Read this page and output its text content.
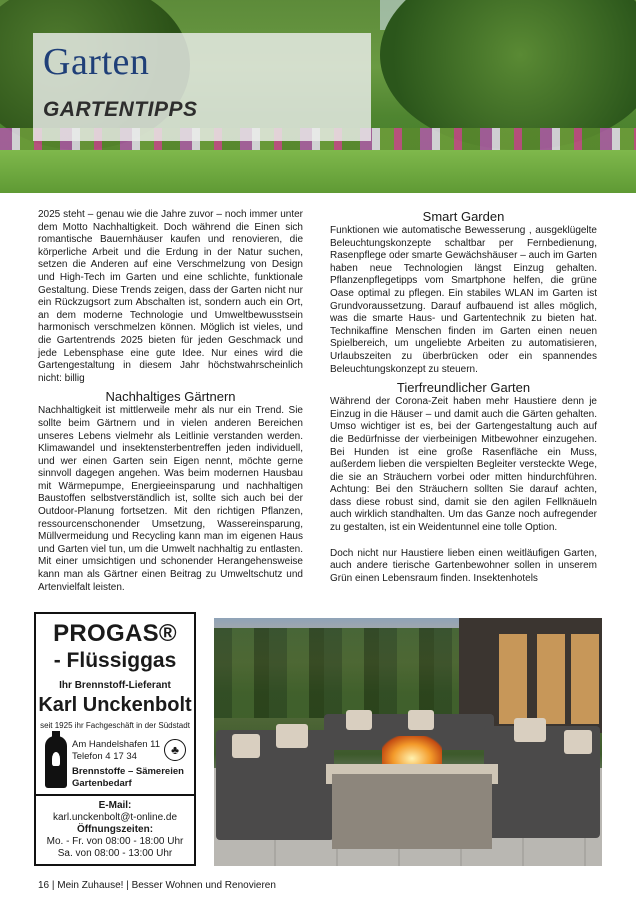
Garten
GARTENTIPPS

2025 steht – genau wie die Jahre zuvor – noch immer unter dem Motto Nachhaltigkeit. Doch während die Einen sich romantische Bauernhäuser kaufen und renovieren, die körperliche Arbeit und die Erdung in der Natur suchen, setzen die Anderen auf eine Verschmelzung von Design und High-Tech im Garten und eine schlichte, funktionale Gestaltung. Diese Trends zeigen, dass der Garten nicht nur ein Rückzugsort zum Abschalten ist, sondern auch ein Ort, an dem moderne Technologie und Umweltbewusstsein harmonisch verschmelzen können. Möglich ist vieles, und die Gartentrends 2025 bieten für jeden Geschmack und jede Lebensphase eine gute Idee. Nur eines wird die Gartengestaltung in diesem Jahr höchstwahrscheinlich nicht: billig

Nachhaltiges Gärtnern

Nachhaltigkeit ist mittlerweile mehr als nur ein Trend. Sie sollte beim Gärtnern und in vielen anderen Bereichen unseres Lebens vielmehr als Leitlinie verstanden werden. Klimawandel und insektensterbentreffen jeden individuell, und wer einen Garten sein Eigen nennt, möchte gerne sinnvoll dagegen angehen. Was beim modernen Hausbau mit Wärmepumpe, Energieeinsparung und nachhaltigen Baustoffen selbstverständlich ist, sollte sich auch bei der Outdoor-Planung fortsetzen. Mit den richtigen Pflanzen, ressourcenschonender Umsetzung, Wassereinsparung, Müllvermeidung und Recycling kann man im eigenen Haus und Garten viel tun, um die Umwelt nachhaltig zu entlasten. Mit einer umsichtigen und schonender Herangehensweise kann man als Gärtner einen Beitrag zu Umweltschutz und Artenvielfalt leisten.

Smart Garden

Funktionen wie automatische Bewesserung , ausgeklügelte Beleuchtungskonzepte schaltbar per Fernbedienung, Rasenpflege oder smarte Gewächshäuser – auch im Garten haben neue Technologien längst Einzug gehalten. Pflanzenpflegetipps vom Smartphone helfen, die grüne Oase optimal zu pflegen. Ein stabiles WLAN im Garten ist Grundvoraussetzung. Darauf aufbauend ist alles möglich, was die smarte Haus- und Gartentechnik zu bieten hat. Technikaffine Menschen finden im Garten einen neuen Spielbereich, um ungeliebte Arbeiten zu automatisieren, Urlaubszeiten zu überbrücken oder ein spannendes Beleuchtungskonzept zu steuern.

Tierfreundlicher Garten

Während der Corona-Zeit haben mehr Haustiere denn je Einzug in die Häuser – und damit auch die Gärten gehalten. Umso wichtiger ist es, bei der Gartengestaltung auch auf die Bedürfnisse der vierbeinigen Mitbewohner einzugehen. Bei Hunden ist eine große Rasenfläche ein Muss, außerdem lieben die verspielten Begleiter versteckte Wege, die sie an Sträuchern vorbei oder mitten hindurchführen. Achtung: Bei den Sträuchern sollten Sie darauf achten, dass diese robust sind, damit sie den agilen Fellknäueln auch wirklich standhalten. Um das Ganze noch aufregender zu gestalten, ist ein Weidentunnel eine tolle Option.

Doch nicht nur Haustiere lieben einen weitläufigen Garten, auch andere tierische Gartenbewohner sollen in unserem Grün einen Lebensraum finden. Insektenhotels

PROGAS®
- Flüssiggas
Ihr Brennstoff-Lieferant
Karl Unckenbolt
seit 1925 ihr Fachgeschäft in der Südstadt
Am Handelshafen 11
Telefon 4 17 34	♣
Brennstoffe – Sämereien
Gartenbedarf
E-Mail:
karl.unckenbolt@t-online.de
Öffnungszeiten:
Mo. - Fr. von 08:00 - 18:00 Uhr
Sa. von 08:00 - 13:00 Uhr
16 | Mein Zuhause! | Besser Wohnen und Renovieren
